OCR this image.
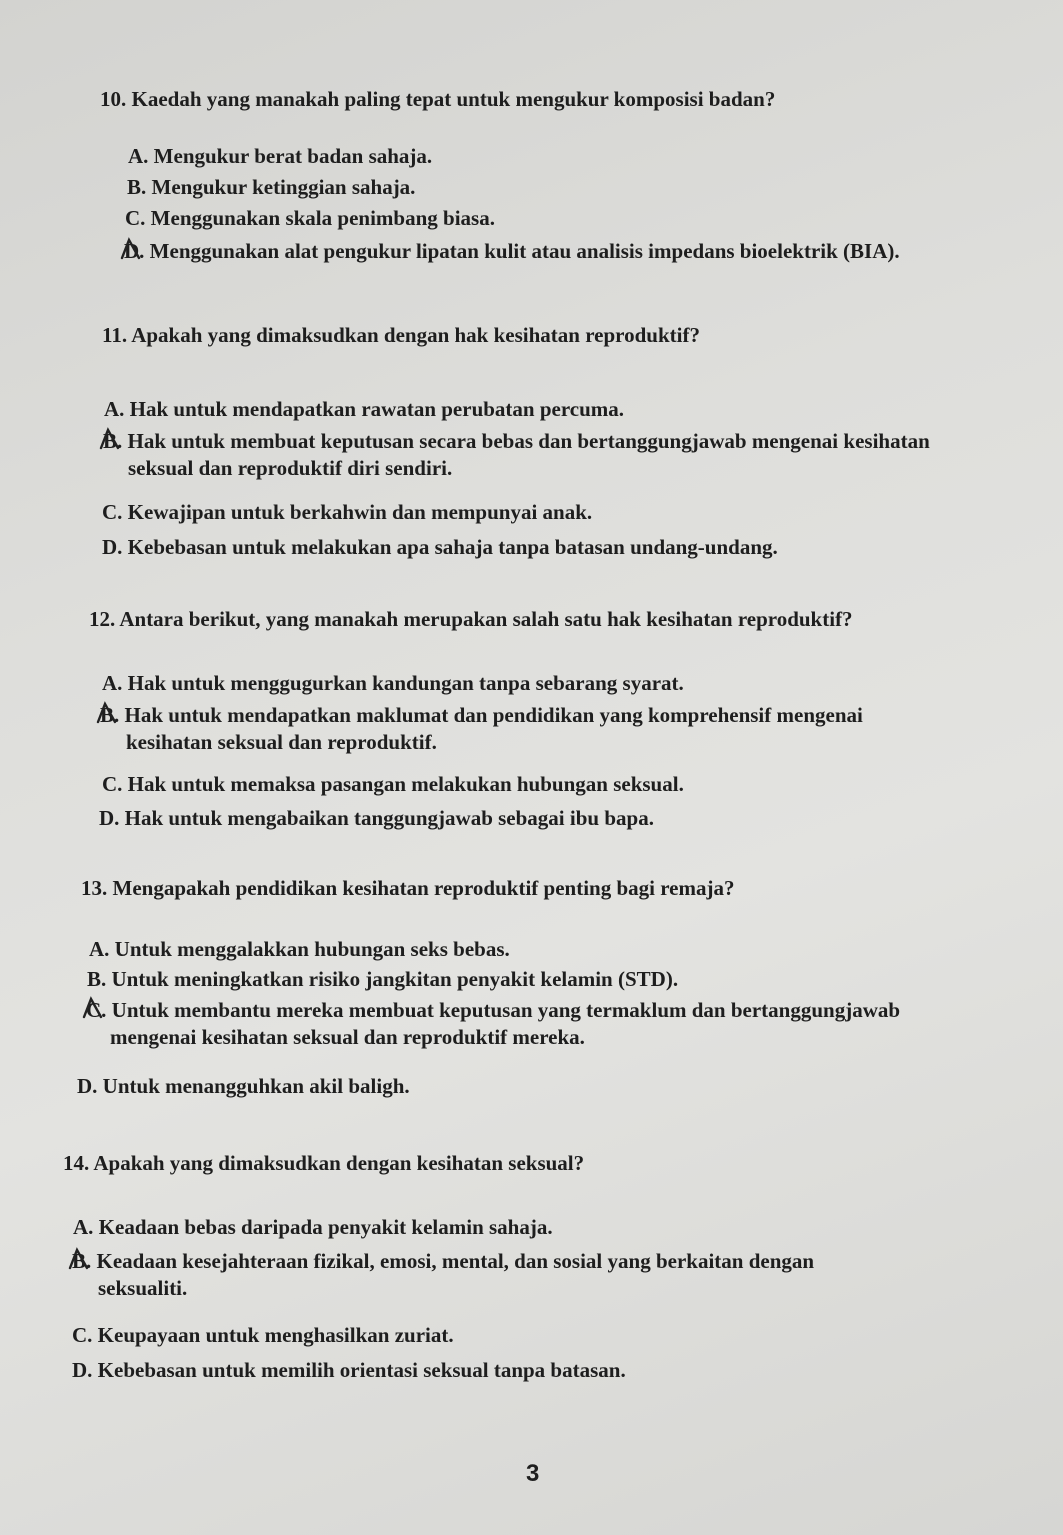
10. Kaedah yang manakah paling tepat untuk mengukur komposisi badan?
A. Mengukur berat badan sahaja.
B. Mengukur ketinggian sahaja.
C. Menggunakan skala penimbang biasa.
D. Menggunakan alat pengukur lipatan kulit atau analisis impedans bioelektrik (BIA).
11. Apakah yang dimaksudkan dengan hak kesihatan reproduktif?
A. Hak untuk mendapatkan rawatan perubatan percuma.
B. Hak untuk membuat keputusan secara bebas dan bertanggungjawab mengenai kesihatan
seksual dan reproduktif diri sendiri.
C. Kewajipan untuk berkahwin dan mempunyai anak.
D. Kebebasan untuk melakukan apa sahaja tanpa batasan undang-undang.
12. Antara berikut, yang manakah merupakan salah satu hak kesihatan reproduktif?
A. Hak untuk menggugurkan kandungan tanpa sebarang syarat.
B. Hak untuk mendapatkan maklumat dan pendidikan yang komprehensif mengenai
kesihatan seksual dan reproduktif.
C. Hak untuk memaksa pasangan melakukan hubungan seksual.
D. Hak untuk mengabaikan tanggungjawab sebagai ibu bapa.
13. Mengapakah pendidikan kesihatan reproduktif penting bagi remaja?
A. Untuk menggalakkan hubungan seks bebas.
B. Untuk meningkatkan risiko jangkitan penyakit kelamin (STD).
C. Untuk membantu mereka membuat keputusan yang termaklum dan bertanggungjawab
mengenai kesihatan seksual dan reproduktif mereka.
D. Untuk menangguhkan akil baligh.
14. Apakah yang dimaksudkan dengan kesihatan seksual?
A. Keadaan bebas daripada penyakit kelamin sahaja.
B. Keadaan kesejahteraan fizikal, emosi, mental, dan sosial yang berkaitan dengan
seksualiti.
C. Keupayaan untuk menghasilkan zuriat.
D. Kebebasan untuk memilih orientasi seksual tanpa batasan.
3
